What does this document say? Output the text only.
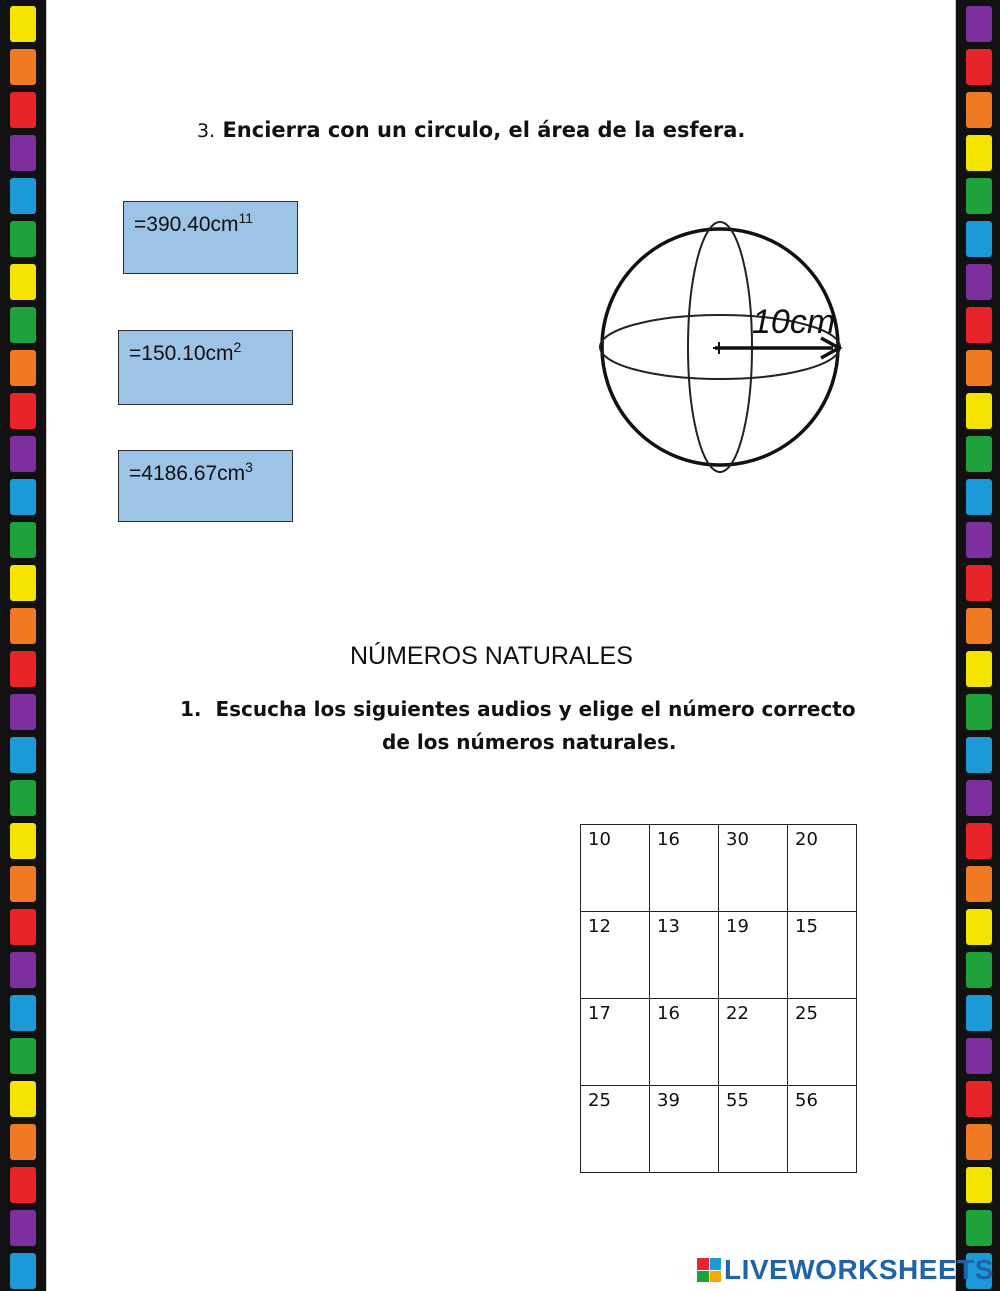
3. Encierra con un circulo, el área de la esfera.
$=390.40cm^{11}$
$=150.10cm^2$
$=4186.67cm^3$
10cm
NÚMEROS NATURALES
1. Escucha los siguientes audios y elige el número correcto
de los números naturales.
10	16	30	20
12	13	19	15
17	16	22	25
25	39	55	56
LIVEWORKSHEETS
